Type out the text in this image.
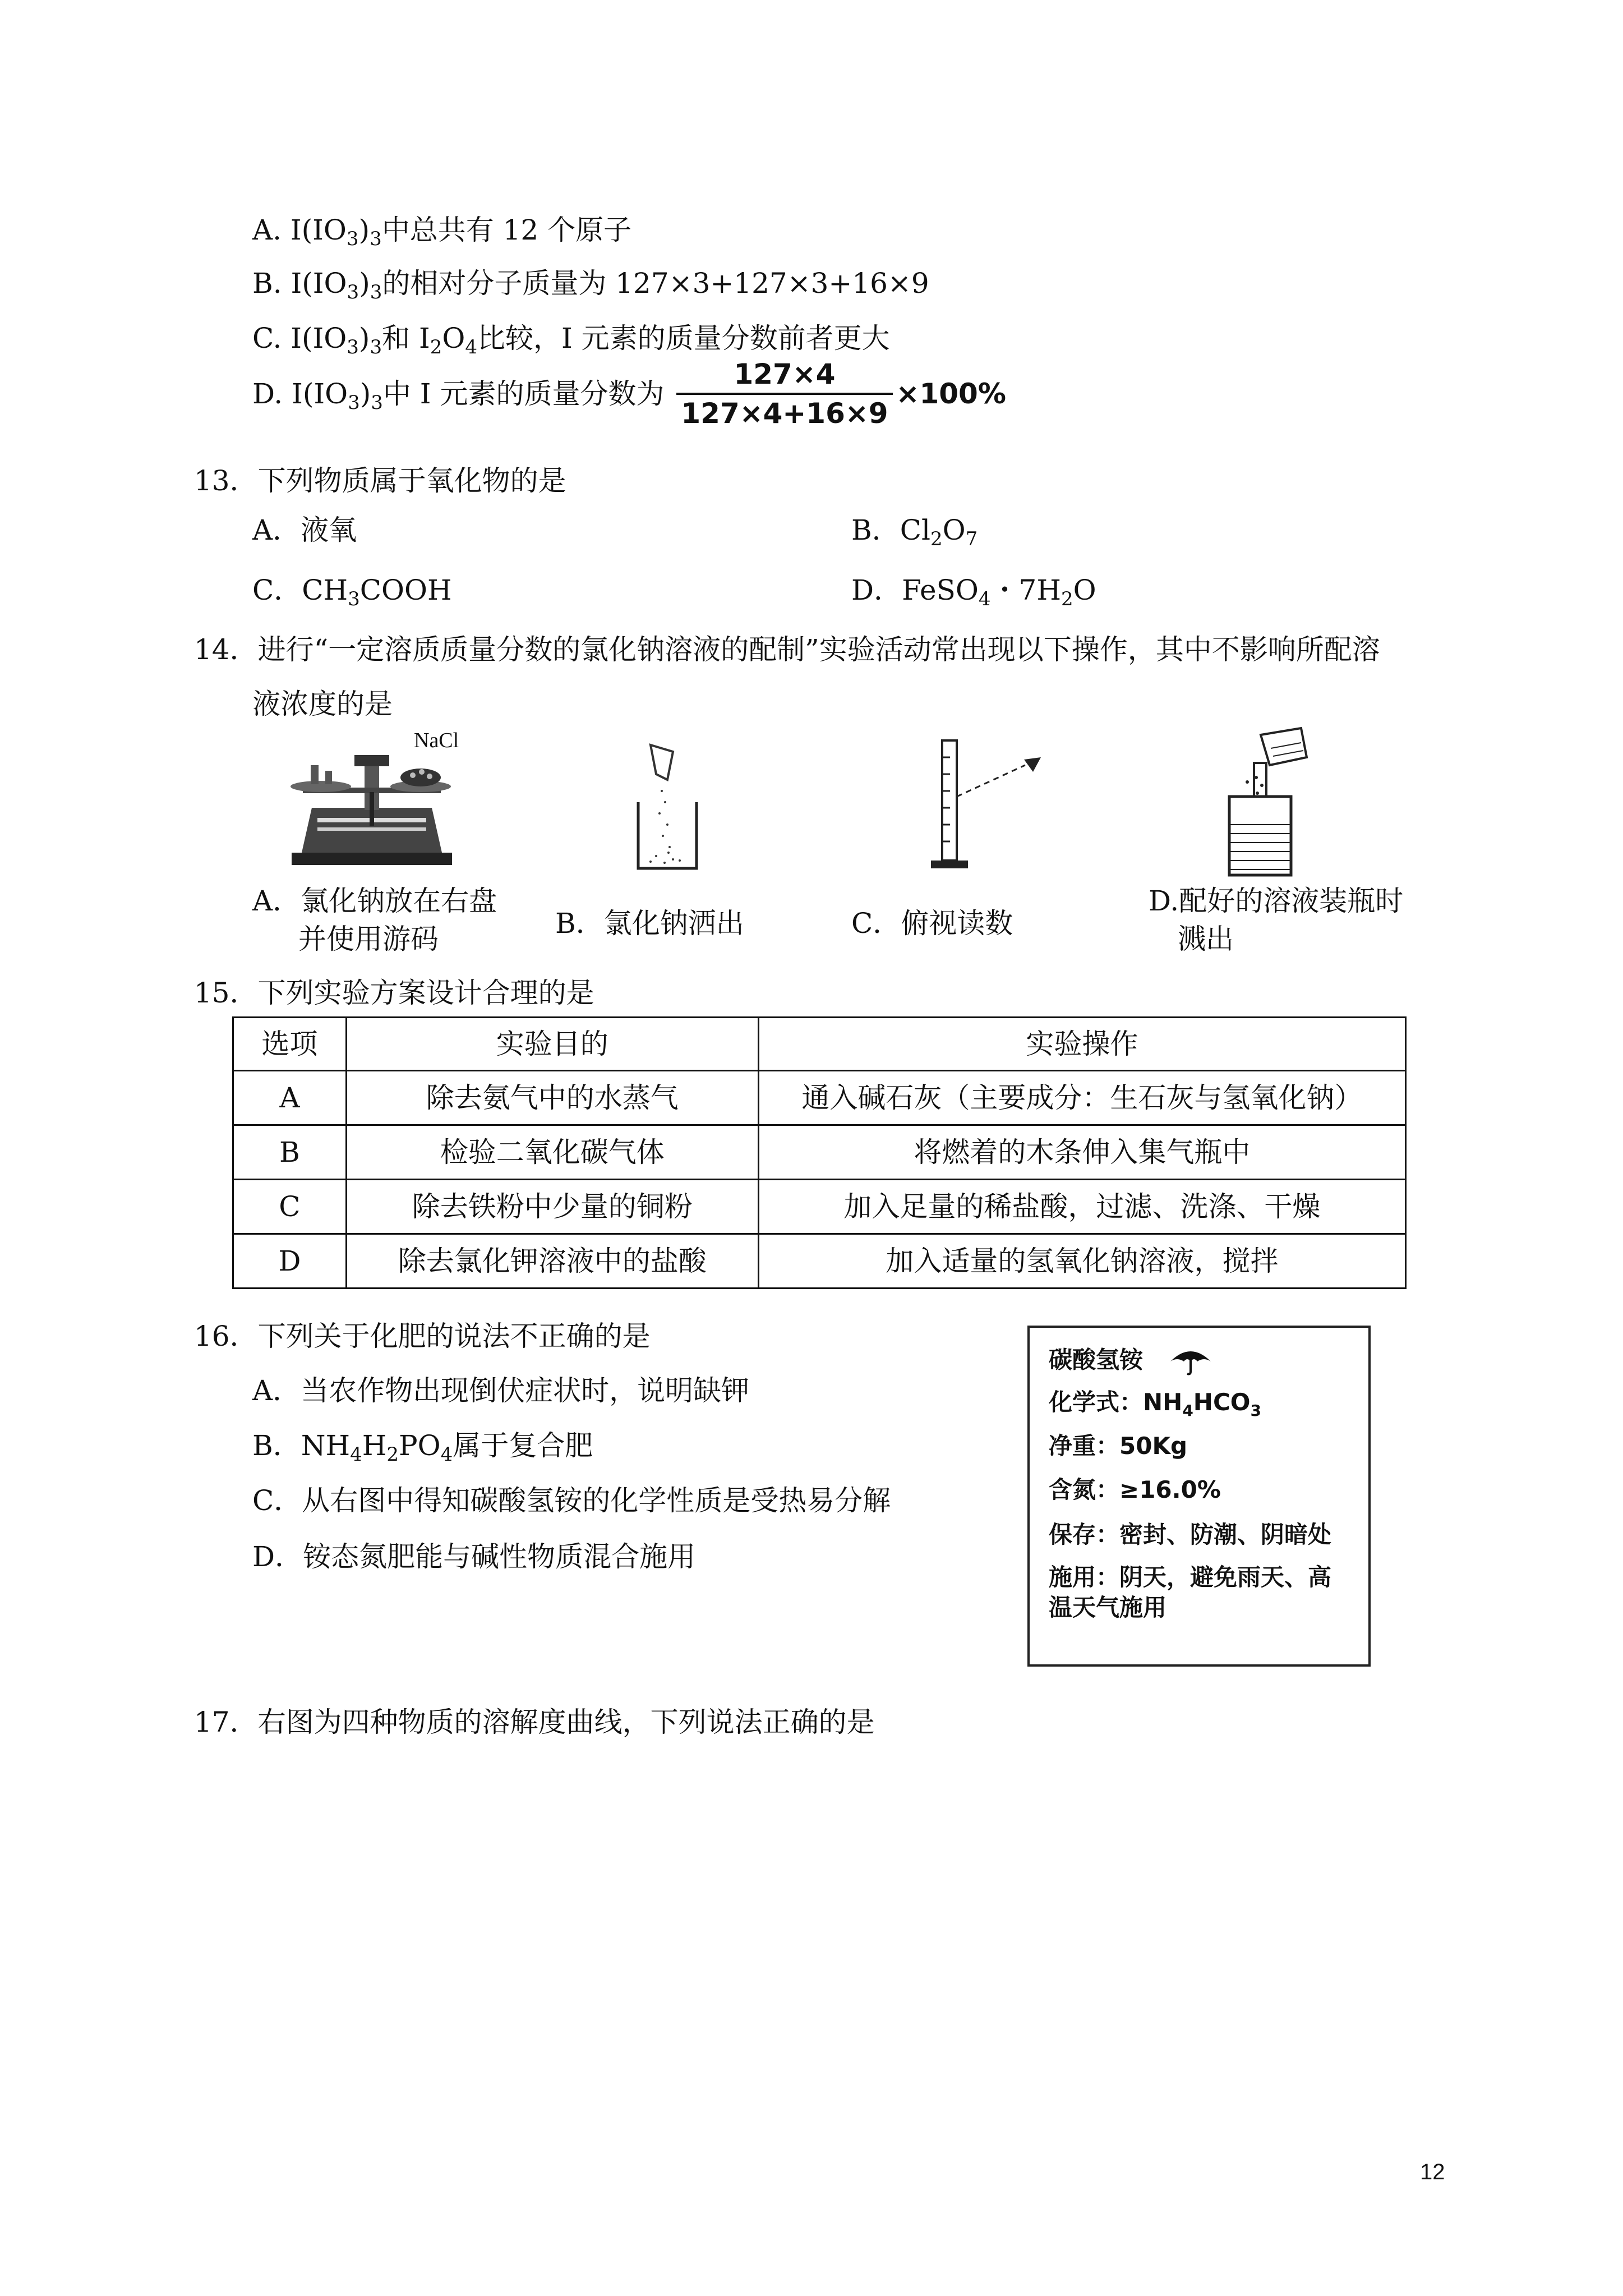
A. $I(IO_3)_3$中总共有 12 个原子
B. $I(IO_3)_3$的相对分子质量为 127×3+127×3+16×9
C. $I(IO_3)_3$和 $I_2O_4$比较，I 元素的质量分数前者更大
D. $I(IO_3)_3$中 I 元素的质量分数为 $\frac{127\times 4}{127\times 4+16\times 9} \times 100\%$
13．下列物质属于氧化物的是
A．液氧	B．$Cl_2O_7$
C．$CH_3COOH$	D．FeSO$_4$・$7H_2O$
14．进行“一定溶质质量分数的氯化钠溶液的配制”实验活动常出现以下操作，其中不影响所配溶
液浓度的是
NaCl
A．氯化钠放在右盘
并使用游码	B．氯化钠洒出	C．俯视读数
D.配好的溶液装瓶时
溅出
15．下列实验方案设计合理的是
选项	实验目的	实验操作
A	除去氨气中的水蒸气	通入碱石灰（主要成分：生石灰与氢氧化钠）
B	检验二氧化碳气体	将燃着的木条伸入集气瓶中
C	除去铁粉中少量的铜粉	加入足量的稀盐酸，过滤、洗涤、干燥
D	除去氯化钾溶液中的盐酸	加入适量的氢氧化钠溶液，搅拌
16．下列关于化肥的说法不正确的是
A．当农作物出现倒伏症状时，说明缺钾
B．$NH_4H_2PO_4$属于复合肥
C．从右图中得知碳酸氢铵的化学性质是受热易分解
D．铵态氮肥能与碱性物质混合施用
碳酸氢铵
化学式：$NH_4HCO_3$
净重：50Kg
含氮：≥16.0%
保存：密封、防潮、阴暗处
施用：阴天，避免雨天、高
温天气施用
17．右图为四种物质的溶解度曲线，下列说法正确的是
12
